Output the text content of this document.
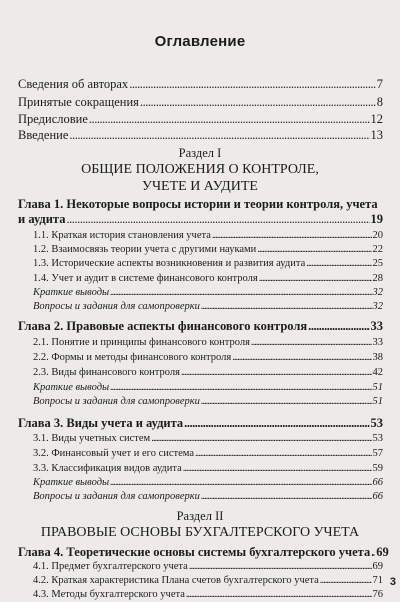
Оглавление
Сведения об авторах . . .	7
Принятые сокращения . . .	8
Предисловие . . .	12
Введение . . .	13
Раздел I
ОБЩИЕ ПОЛОЖЕНИЯ О КОНТРОЛЕ,
УЧЕТЕ И АУДИТЕ
Глава 1. Некоторые вопросы истории и теории контроля, учета
и аудита . . .	19
1.1. Краткая история становления учета . . .	20
1.2. Взаимосвязь теории учета с другими науками . . .	22
1.3. Исторические аспекты возникновения и развития аудита . . .	25
1.4. Учет и аудит в системе финансового контроля . . .	28
Краткие выводы . . .	32
Вопросы и задания для самопроверки . . .	32
Глава 2. Правовые аспекты финансового контроля . . .	33
2.1. Понятие и принципы финансового контроля . . .	33
2.2. Формы и методы финансового контроля . . .	38
2.3. Виды финансового контроля . . .	42
Краткие выводы . . .	51
Вопросы и задания для самопроверки . . .	51
Глава 3. Виды учета и аудита . . .	53
3.1. Виды учетных систем . . .	53
3.2. Финансовый учет и его система . . .	57
3.3. Классификация видов аудита . . .	59
Краткие выводы . . .	66
Вопросы и задания для самопроверки . . .	66
Раздел II
ПРАВОВЫЕ ОСНОВЫ БУХГАЛТЕРСКОГО УЧЕТА
Глава 4. Теоретические основы системы бухгалтерского учета . . . 69
4.1. Предмет бухгалтерского учета . . .	69
4.2. Краткая характеристика Плана счетов бухгалтерского учета . . .	71
4.3. Методы бухгалтерского учета . . .	76
3
